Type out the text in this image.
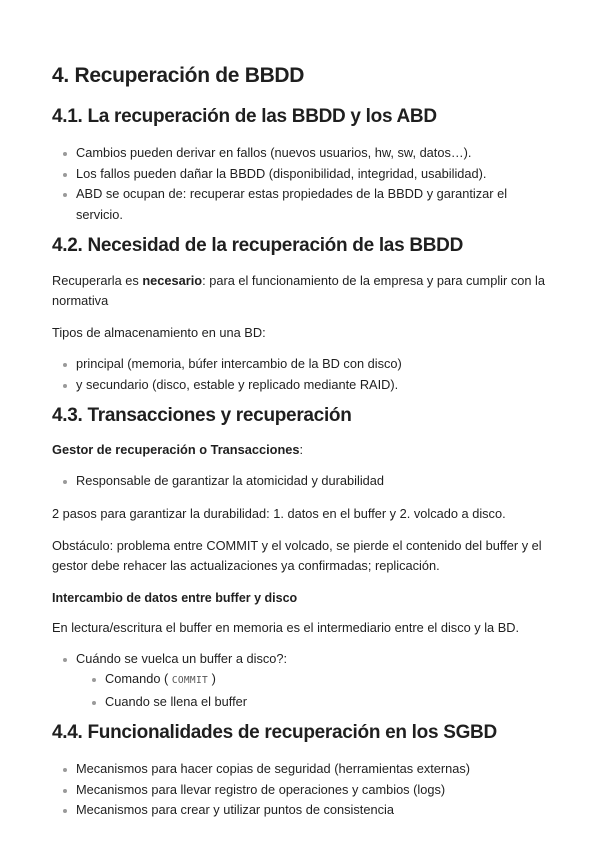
4. Recuperación de BBDD
4.1. La recuperación de las BBDD y los ABD
Cambios pueden derivar en fallos (nuevos usuarios, hw, sw, datos…).
Los fallos pueden dañar la BBDD (disponibilidad, integridad, usabilidad).
ABD se ocupan de: recuperar estas propiedades de la BBDD y garantizar el servicio.
4.2. Necesidad de la recuperación de las BBDD

Recuperarla es necesario: para el funcionamiento de la empresa y para cumplir con la normativa

Tipos de almacenamiento en una BD:

principal (memoria, búfer intercambio de la BD con disco)
y secundario (disco, estable y replicado mediante RAID).
4.3. Transacciones y recuperación

Gestor de recuperación o Transacciones:

Responsable de garantizar la atomicidad y durabilidad

2 pasos para garantizar la durabilidad: 1. datos en el buffer y 2. volcado a disco.

Obstáculo: problema entre COMMIT y el volcado, se pierde el contenido del buffer y el gestor debe rehacer las actualizaciones ya confirmadas; replicación.

Intercambio de datos entre buffer y disco

En lectura/escritura el buffer en memoria es el intermediario entre el disco y la BD.

Cuándo se vuelca un buffer a disco?:
Comando ( COMMIT )
Cuando se llena el buffer
4.4. Funcionalidades de recuperación en los SGBD
Mecanismos para hacer copias de seguridad (herramientas externas)
Mecanismos para llevar registro de operaciones y cambios (logs)
Mecanismos para crear y utilizar puntos de consistencia
